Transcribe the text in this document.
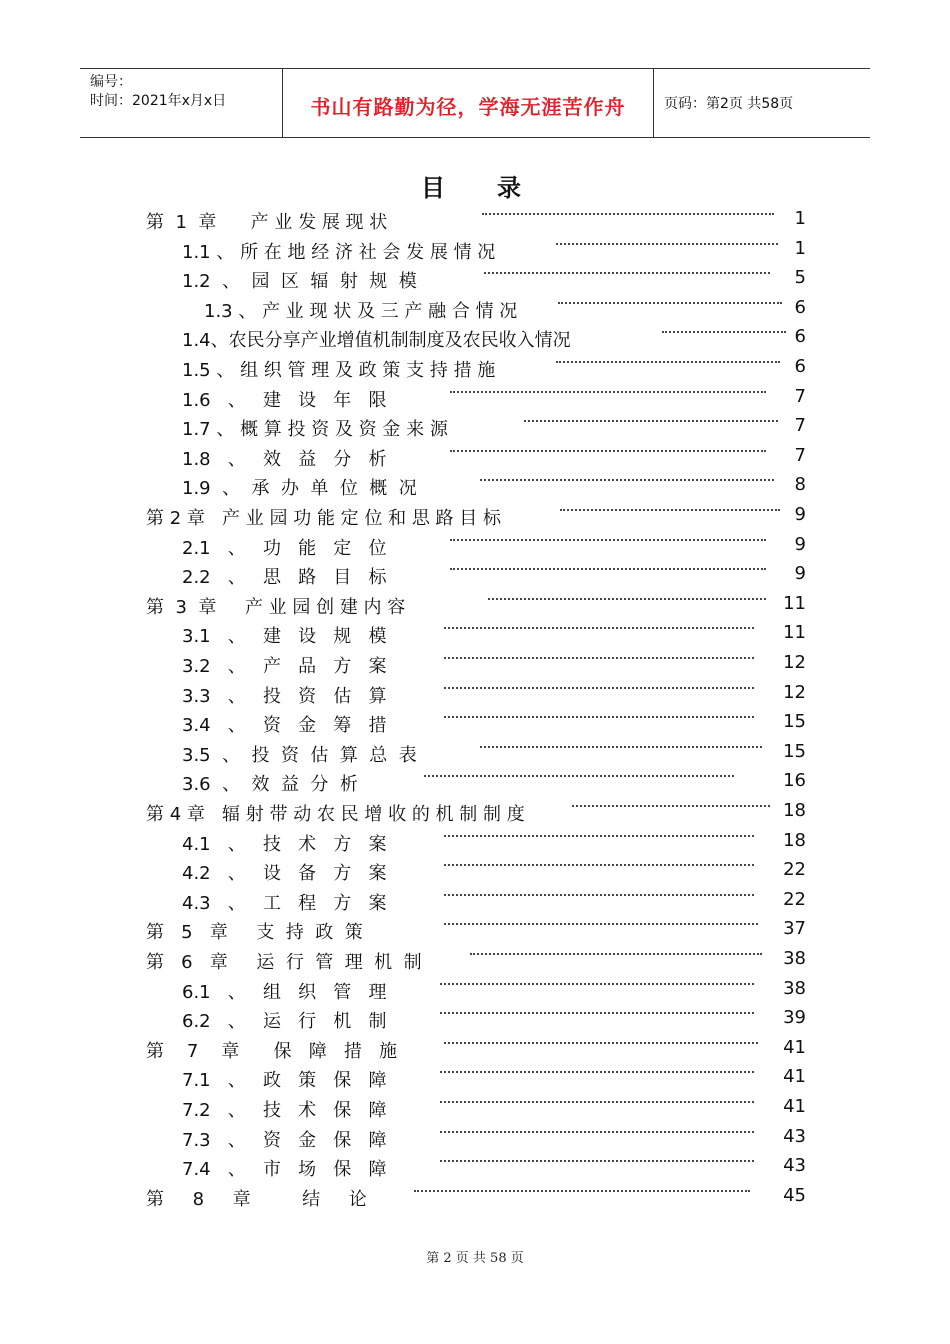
编号：
时间：2021年x月x日	书山有路勤为径，学海无涯苦作舟	页码：第2页 共58页
目 录
第  1  章      产 业 发 展 现 状	1
1.1 、 所 在 地 经 济 社 会 发 展 情 况	1
1.2  、  园  区  辐  射  规  模	5
1.3 、 产 业 现 状 及 三 产 融 合 情 况	6
1.4、农民分享产业增值机制制度及农民收入情况	6
1.5 、 组 织 管 理 及 政 策 支 持 措 施	6
1.6   、   建   设   年   限	7
1.7 、 概 算 投 资 及 资 金 来 源	7
1.8   、   效   益   分   析	7
1.9  、  承  办  单  位  概  况	8
第 2 章   产 业 园 功 能 定 位 和 思 路 目 标	9
2.1   、   功   能   定   位	9
2.2   、   思   路   目   标	9
第  3  章     产 业 园 创 建 内 容	11
3.1   、   建   设   规   模	11
3.2   、   产   品   方   案	12
3.3   、   投   资   估   算	12
3.4   、   资   金   筹   措	15
3.5  、  投  资  估  算  总  表	15
3.6  、  效  益  分  析	16
第 4 章   辐 射 带 动 农 民 增 收 的 机 制 制 度	18
4.1   、   技   术   方   案	18
4.2   、   设   备   方   案	22
4.3   、   工   程   方   案	22
第   5   章     支  持  政  策	37
第   6   章     运  行  管  理  机  制	38
6.1   、   组   织   管   理	38
6.2   、   运   行   机   制	39
第    7    章      保   障   措   施	41
7.1   、   政   策   保   障	41
7.2   、   技   术   保   障	41
7.3   、   资   金   保   障	43
7.4   、   市   场   保   障	43
第     8     章         结     论	45
第 2 页 共 58 页
